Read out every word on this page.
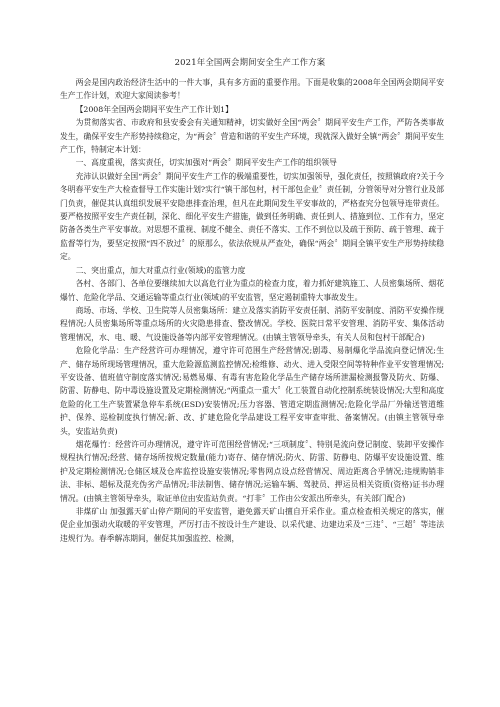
2021年全国两会期间安全生产工作方案

两会是国内政治经济生活中的一件大事，具有多方面的重要作用。下面是收集的2008年全国两会期间平安生产工作计划，欢迎大家阅读参考！

【2008年全国两会期间平安生产工作计划1】

为贯彻落实省、市政府和县安委会有关通知精神，切实做好全国“两会〞期间平安生产工作，严防各类事故发生，确保平安生产形势持续稳定，为“两会〞营造和谐的平安生产环境，现就深入做好全镇“两会〞期间平安生产工作，特制定本计划：

一、高度重视，落实责任，切实加强对“两会〞期间平安生产工作的组织领导

充沛认识做好全国“两会〞期间平安生产工作的极端重要性，切实加强领导，强化责任，按照镇政府?关于今冬明春平安生产大检查督导工作实施计划?实行“镇干部包村，村干部包企业〞责任制，分管领导对分管行业及部门负责，催促其认真组织发展平安隐患排查治理，但凡在此期间发生平安事故的，严格查究分包领导连带责任。要严格按照平安生产责任制，深化、细化平安生产措施，做到任务明确、责任到人、措施到位、工作有力，坚定防备各类生产平安事故。对思想不重视、制度不健全、责任不落实、工作不到位以及疏于预防、疏于管理、疏于监督等行为，要坚定按照“四不放过〞的原那么，依法依规从严查处，确保“两会〞期间全镇平安生产形势持续稳定。

二、突出重点，加大对重点行业(领域)的监管力度

各村、各部门、各单位要继续加大以高危行业为重点的检查力度，着力抓好建筑施工、人员密集场所、烟花爆竹、危险化学品、交通运输等重点行业(领域)的平安监管，坚定遏制重特大事故发生。

商场、市场、学校、卫生院等人员密集场所：建立及落实消防平安责任制、消防平安制度、消防平安操作规程情况;人员密集场所等重点场所的火灾隐患排查、整改情况。学校、医院日常平安管理、消防平安、集体活动管理情况，水、电、暖、气设施设备等内部平安管理情况。(由镇主管领导牵头，有关人员和包村干部配合)

危险化学品：生产经营许可办理情况，遵守许可范围生产经营情况;剧毒、易制爆化学品流向登记情况;生产、储存场所现场管理情况，重大危险源监测监控情况;检维修、动火、进入受限空间等特种作业平安管理情况;平安设备、值班值守制度落实情况;易燃易爆、有毒有害危险化学品生产储存场所泄漏检测报警及防火、防爆、防雷、防静电、防中毒设施设置及定期检测情况;“两重点一重大〞化工装置自动化控制系统装设情况;大型和高度危险的化工生产装置紧急停车系统(ESD)安装情况;压力容器、管道定期监测情况;危险化学品厂外输送管道维护、保养、巡检制度执行情况;新、改、扩建危险化学品建设工程平安审查审批、备案情况。(由镇主管领导牵头，安监站负责)

烟花爆竹：经营许可办理情况，遵守许可范围经营情况;“三项制度〞、特别是流向登记制度、装卸平安操作规程执行情况;经营、储存场所按规定数量(能力)寄存、储存情况;防火、防雷、防静电、防爆平安设施设置、维护及定期检测情况;仓储区域及仓库监控设施安装情况;零售网点设点经营情况、周边距离合乎情况;违规购销非法、非标、超标及混充伪劣产品情况;非法制售、储存情况;运输车辆、驾驶员、押运员相关资质(资格)证书办理情况。(由镇主管领导牵头，取证单位由安监站负责。“打非〞工作由公安派出所牵头，有关部门配合)

非煤矿山 加强露天矿山停产期间的平安监管，避免露天矿山擅自开采作业。重点检查相关规定的落实，催促企业加强动火取暖的平安管理，严厉打击不按设计生产建设、以采代建、边建边采及“三违〞、“三超〞等违法违规行为。春季解冻期间，催促其加强监控、检测，
